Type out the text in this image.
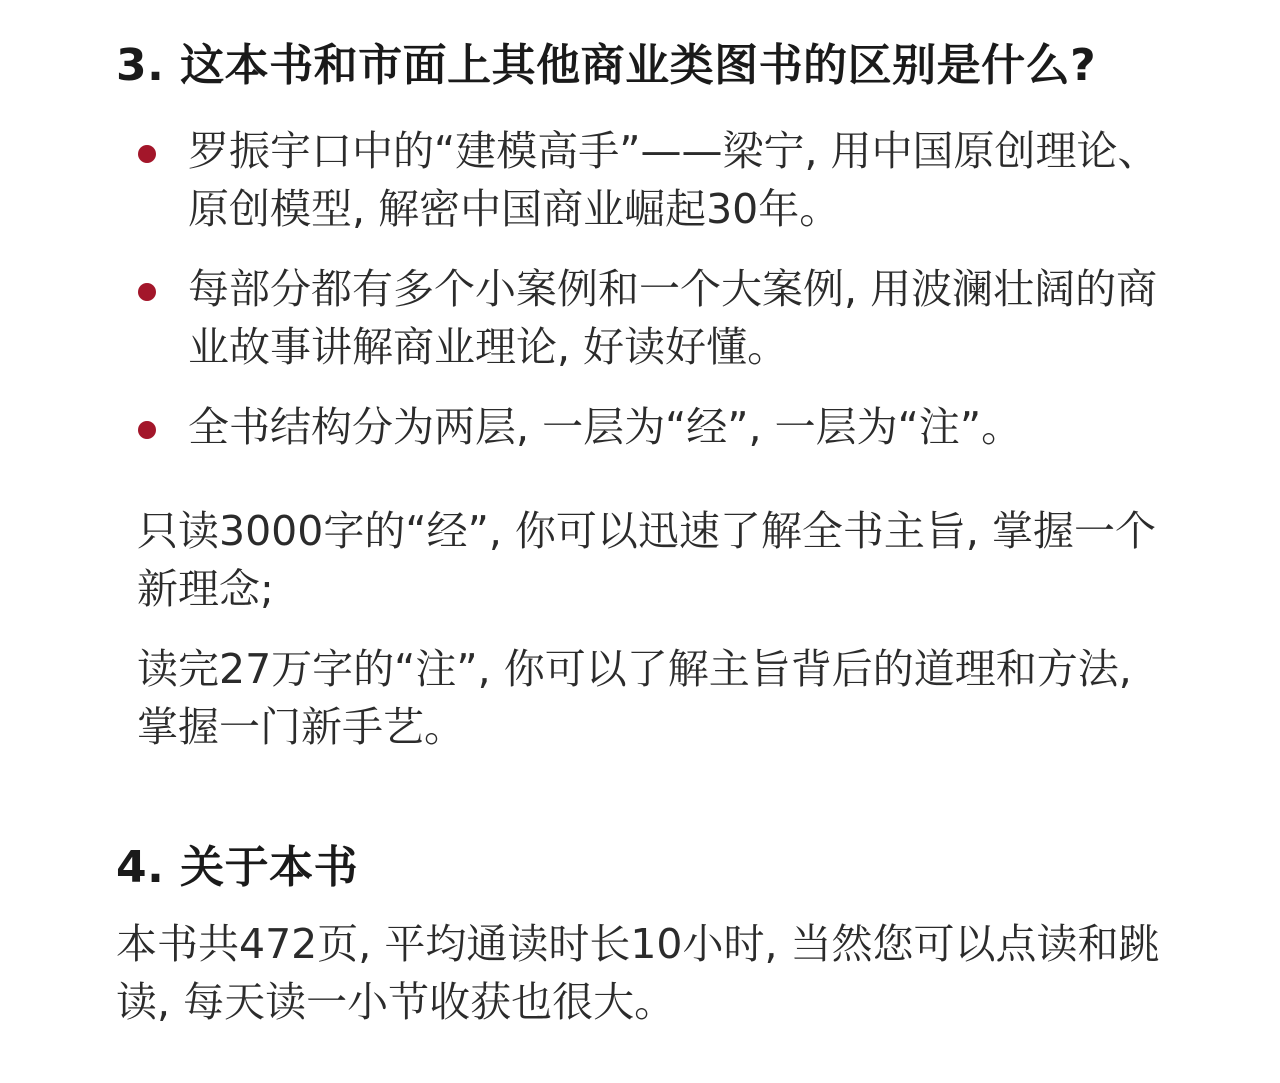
3. 这本书和市面上其他商业类图书的区别是什么?
罗振宇口中的“建模高手”——梁宁, 用中国原创理论、原创模型, 解密中国商业崛起30年。
每部分都有多个小案例和一个大案例, 用波澜壮阔的商业故事讲解商业理论, 好读好懂。
全书结构分为两层, 一层为“经”, 一层为“注”。

只读3000字的“经”, 你可以迅速了解全书主旨, 掌握一个新理念;

读完27万字的“注”, 你可以了解主旨背后的道理和方法, 掌握一门新手艺。

4. 关于本书

本书共472页, 平均通读时长10小时, 当然您可以点读和跳读, 每天读一小节收获也很大。
